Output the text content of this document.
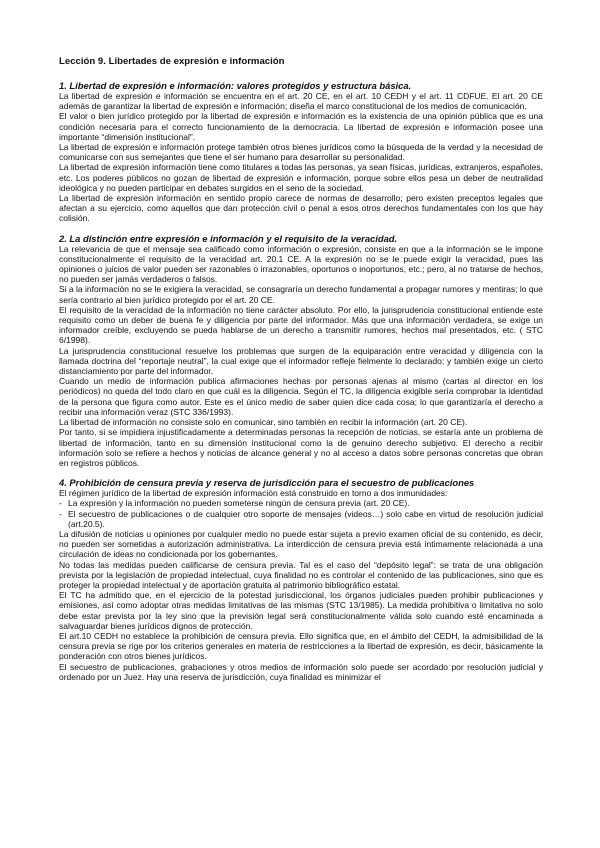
Lección 9. Libertades de expresión e información
1. Libertad de expresión e información: valores protegidos y estructura básica.

La libertad de expresión e información se encuentra en el art. 20 CE, en el art. 10 CEDH y el art. 11 CDFUE. El art. 20 CE además de garantizar la libertad de expresión e información; diseña el marco constitucional de los medios de comunicación.

El valor o bien jurídico protegido por la libertad de expresión e información es la existencia de una opinión pública que es una condición necesaria para el correcto funcionamiento de la democracia. La libertad de expresión e información posee una importante “dimensión institucional”.

La libertad de expresión e información protege también otros bienes jurídicos como la búsqueda de la verdad y la necesidad de comunicarse con sus semejantes que tiene el ser humano para desarrollar su personalidad.

La libertad de expresión información tiene como titulares a todas las personas, ya sean físicas, jurídicas, extranjeros, españoles, etc. Los poderes públicos no gozan de libertad de expresión e información, porque sobre ellos pesa un deber de neutralidad ideológica y no pueden participar en debates surgidos en el seno de la sociedad.

La libertad de expresión información en sentido propio carece de normas de desarrollo; pero existen preceptos legales que afectan a su ejercicio, como aquellos que dan protección civil o penal a esos otros derechos fundamentales con los que hay colisión.

2. La distinción entre expresión e información y el requisito de la veracidad.

La relevancia de que el mensaje sea calificado como información o expresión, consiste en que a la información se le impone constitucionalmente el requisito de la veracidad art. 20.1 CE. A la expresión no se le puede exigir la veracidad, pues las opiniones o juicios de valor pueden ser razonables o irrazonables, oportunos o inoportunos, etc.; pero, al no tratarse de hechos, no pueden ser jamás verdaderos o falsos.

Si a la información no se le exigiera la veracidad, se consagraría un derecho fundamental a propagar rumores y mentiras; lo que sería contrario al bien jurídico protegido por el art. 20 CE.

El requisito de la veracidad de la información no tiene carácter absoluto. Por ello, la jurisprudencia constitucional entiende este requisito como un deber de buena fe y diligencia por parte del informador. Más que una información verdadera, se exige un informador creíble, excluyendo se pueda hablarse de un derecho a transmitir rumores, hechos mal presentados, etc. ( STC 6/1998).

La jurisprudencia constitucional resuelve los problemas que surgen de la equiparación entre veracidad y diligencia con la llamada doctrina del “reportaje neutral”, la cual exige que el informador refleje fielmente lo declarado; y también exige un cierto distanciamiento por parte del informador.

Cuando un medio de información publica afirmaciones hechas por personas ajenas al mismo (cartas al director en los periódicos) no queda del todo claro en que cuál es la diligencia. Según el TC, la diligencia exigible sería comprobar la identidad de la persona que figura como autor. Este es el único medio de saber quien dice cada cosa; lo que garantizaría el derecho a recibir una información veraz (STC 336/1993).

La libertad de información no consiste solo en comunicar, sino también en recibir la información (art. 20 CE).

Por tanto, si se impidiera injustificadamente a determinadas personas la recepción de noticias, se estaría ante un problema de libertad de información, tanto en su dimensión institucional como la de genuino derecho subjetivo. El derecho a recibir información solo se refiere a hechos y noticias de alcance general y no al acceso a datos sobre personas concretas que obran en registros públicos.

4. Prohibición de censura previa y reserva de jurisdicción para el secuestro de publicaciones

El régimen jurídico de la libertad de expresión información está construido en torno a dos inmunidades:

- La expresión y la información no pueden someterse ningún de censura previa (art. 20 CE).
- El secuestro de publicaciones o de cualquier otro soporte de mensajes (videos…) solo cabe en virtud de resolución judicial (art.20.5).

La difusión de noticias u opiniones por cualquier medio no puede estar sujeta a previo examen oficial de su contenido, es decir, no pueden ser sometidas a autorización administrativa. La interdicción de censura previa está íntimamente relacionada a una circulación de ideas no condicionada por los gobernantes.

No todas las medidas pueden calificarse de censura previa. Tal es el caso del “depósito legal”: se trata de una obligación prevista por la legislación de propiedad intelectual, cuya finalidad no es controlar el contenido de las publicaciones, sino que es proteger la propiedad intelectual y de aportación gratuita al patrimonio bibliográfico estatal.

El TC ha admitido que, en el ejercicio de la potestad jurisdiccional, los órganos judiciales pueden prohibir publicaciones y emisiones, así como adoptar otras medidas limitativas de las mismas (STC 13/1985). La medida prohibitiva o limitativa no solo debe estar prevista por la ley sino que la previsión legal será constitucionalmente válida solo cuando esté encaminada a salvaguardar bienes jurídicos dignos de protección.

El art.10 CEDH no establece la prohibición de censura previa. Ello significa que, en el ámbito del CEDH, la admisibilidad de la censura previa se rige por los criterios generales en materia de restricciones a la libertad de expresión, es decir, básicamente la ponderación con otros bienes jurídicos.

El secuestro de publicaciones, grabaciones y otros medios de información solo puede ser acordado por resolución judicial y ordenado por un Juez. Hay una reserva de jurisdicción, cuya finalidad es minimizar el
